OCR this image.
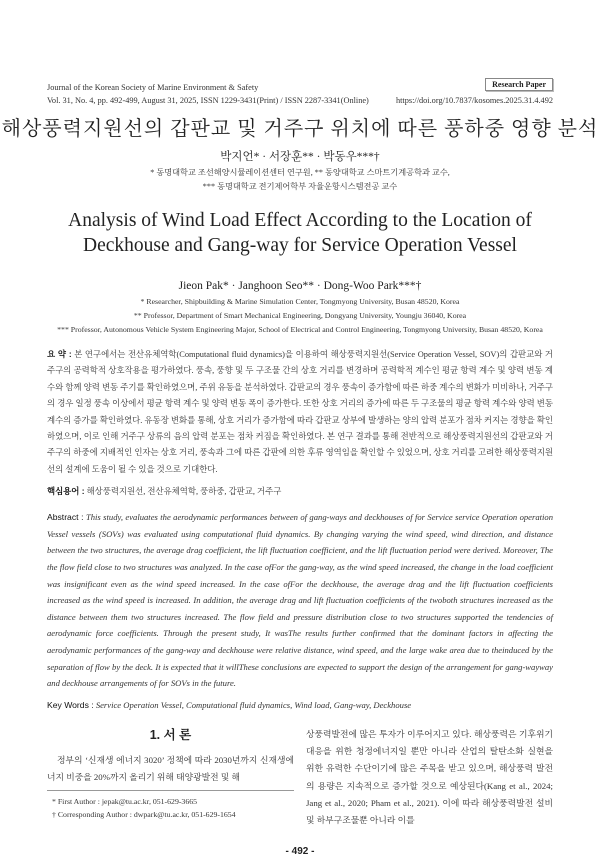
Journal of the Korean Society of Marine Environment & Safety
Vol. 31, No. 4, pp. 492-499, August 31, 2025, ISSN 1229-3431(Print) / ISSN 2287-3341(Online)
Research Paper
https://doi.org/10.7837/kosomes.2025.31.4.492
해상풍력지원선의 갑판교 및 거주구 위치에 따른 풍하중 영향 분석
박지언* · 서장훈** · 박동우***†
* 동명대학교 조선해양시뮬레이션센터 연구원, ** 동양대학교 스마트기계공학과 교수,
*** 동명대학교 전기제어학부 자율운항시스템전공 교수
Analysis of Wind Load Effect According to the Location of Deckhouse and Gang-way for Service Operation Vessel
Jieon Pak* · Janghoon Seo** · Dong-Woo Park***†
* Researcher, Shipbuilding & Marine Simulation Center, Tongmyong University, Busan 48520, Korea
** Professor, Department of Smart Mechanical Engineering, Dongyang University, Youngju 36040, Korea
*** Professor, Autonomous Vehicle System Engineering Major, School of Electrical and Control Engineering, Tongmyong University, Busan 48520, Korea
요 약 : 본 연구에서는 전산유체역학(Computational fluid dynamics)을 이용하여 해상풍력지원선(Service Operation Vessel, SOV)의 갑판교와 거주구의 공력학적 상호작용을 평가하였다. 풍속, 풍향 및 두 구조물 간의 상호 거리를 변경하며 공력학적 계수인 평균 항력 계수 및 양력 변동 계수와 함께 양력 변동 주기를 확인하였으며, 주위 유동을 분석하였다. 갑판교의 경우 풍속이 증가함에 따른 하중 계수의 변화가 미비하나, 거주구의 경우 일정 풍속 이상에서 평균 항력 계수 및 양력 변동 폭이 증가한다. 또한 상호 거리의 증가에 따른 두 구조물의 평균 항력 계수와 양력 변동 계수의 증가를 확인하였다. 유동장 변화를 통해, 상호 거리가 증가함에 따라 갑판교 상부에 발생하는 양의 압력 분포가 점차 커지는 경향을 확인하였으며, 이로 인해 거주구 상류의 음의 압력 분포는 점차 커짐을 확인하였다. 본 연구 결과를 통해 전반적으로 해상풍력지원선의 갑판교와 거주구의 하중에 지배적인 인자는 상호 거리, 풍속과 그에 따른 갑판에 의한 후류 영역임을 확인할 수 있었으며, 상호 거리를 고려한 해상풍력지원선의 설계에 도움이 될 수 있을 것으로 기대한다.
핵심용어 : 해상풍력지원선, 전산유체역학, 풍하중, 갑판교, 거주구
Abstract : This study, evaluates the aerodynamic performances between of gang-ways and deckhouses of for Service service Operation operation Vessel vessels (SOVs) was evaluated using computational fluid dynamics. By changing varying the wind speed, wind direction, and distance between the two structures, the average drag coefficient, the lift fluctuation coefficient, and the lift fluctuation period were derived. Moreover, The the flow field close to two structures was analyzed. In the case ofFor the gang-way, as the wind speed increased, the change in the load coefficient was insignificant even as the wind speed increased. In the case ofFor the deckhouse, the average drag and the lift fluctuation coefficients increased as the wind speed is increased. In addition, the average drag and lift fluctuation coefficients of the twoboth structures increased as the distance between them two structures increased. The flow field and pressure distribution close to two structures supported the tendencies of aerodynamic force coefficients. Through the present study, It wasThe results further confirmed that the dominant factors in affecting the aerodynamic performances of the gang-way and deckhouse were relative distance, wind speed, and the large wake area due to theinduced by the separation of flow by the deck. It is expected that it willThese conclusions are expected to support the design of the arrangement for gang-wayway and deckhouse arrangements of for SOVs in the future.
Key Words : Service Operation Vessel, Computational fluid dynamics, Wind load, Gang-way, Deckhouse
1. 서 론
정부의 ‘신재생 에너지 3020’ 정책에 따라 2030년까지 신재생에너지 비중을 20%까지 올리기 위해 태양광발전 및 해
* First Author : jepak@tu.ac.kr, 051-629-3665
† Corresponding Author : dwpark@tu.ac.kr, 051-629-1654
상풍력발전에 많은 투자가 이루어지고 있다. 해상풍력은 기후위기 대응을 위한 청정에너지일 뿐만 아니라 산업의 탈탄소화 실현을 위한 유력한 수단이기에 많은 주목을 받고 있으며, 해상풍력 발전의 용량은 지속적으로 증가할 것으로 예상된다(Kang et al., 2024; Jang et al., 2020; Pham et al., 2021). 이에 따라 해상풍력발전 설비 및 하부구조물뿐 아니라 이를
- 492 -
